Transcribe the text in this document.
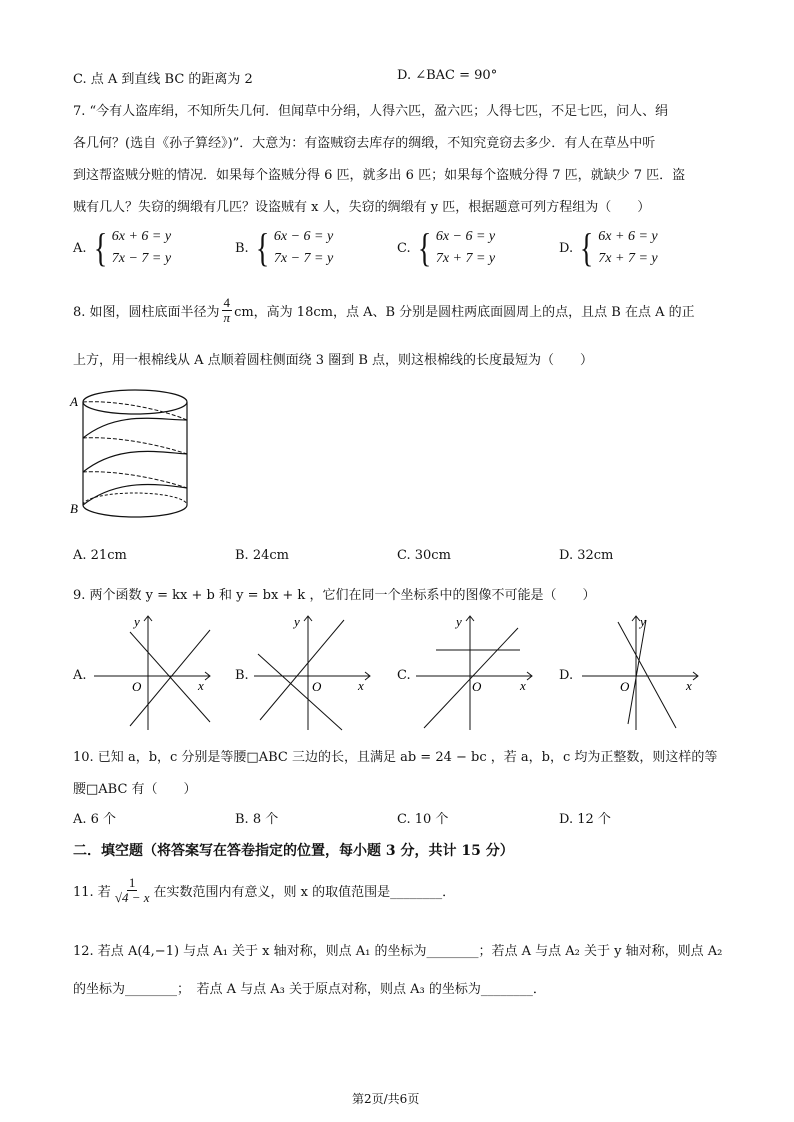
C. 点 A 到直线 BC 的距离为 2	D. ∠BAC = 90°
7. “今有人盗库绢，不知所失几何．但闻草中分绢，人得六匹，盈六匹；人得七匹，不足七匹，问人、绢
各几何？(选自《孙子算经》)”．大意为：有盗贼窃去库存的绸缎，不知究竟窃去多少．有人在草丛中听
到这帮盗贼分赃的情况．如果每个盗贼分得 6 匹，就多出 6 匹；如果每个盗贼分得 7 匹，就缺少 7 匹．盗
贼有几人？失窃的绸缎有几匹？设盗贼有 x 人，失窃的绸缎有 y 匹，根据题意可列方程组为（　　）
A. { 6x + 6 = y
7x − 7 = y
B. { 6x − 6 = y
7x − 7 = y
C. { 6x − 6 = y
7x + 7 = y
D. { 6x + 6 = y
7x + 7 = y
8. 如图，圆柱底面半径为 $\frac{4}{\pi}$ cm，高为 18cm，点 A、B 分别是圆柱两底面圆周上的点，且点 B 在点 A 的正
上方，用一根棉线从 A 点顺着圆柱侧面绕 3 圈到 B 点，则这根棉线的长度最短为（　　）
A
B
A. 21cm	B. 24cm	C. 30cm	D. 32cm
9. 两个函数 y = kx + b 和 y = bx + k ，它们在同一个坐标系中的图像不可能是（　　）
A.
x
y
O
B.
x
y
O
C.
x
y
O
D.
x
y
O
10. 已知 a，b，c 分别是等腰□ABC 三边的长，且满足 ab = 24 − bc ，若 a，b，c 均为正整数，则这样的等
腰□ABC 有（　　）
A. 6 个	B. 8 个	C. 10 个	D. 12 个
二．填空题（将答案写在答卷指定的位置，每小题 3 分，共计 15 分）
11. 若 $\frac{1}{√4 - x}$ 在实数范围内有意义，则 x 的取值范围是________．
12. 若点 A(4,−1) 与点 A₁ 关于 x 轴对称，则点 A₁ 的坐标为________；若点 A 与点 A₂ 关于 y 轴对称，则点 A₂
的坐标为________；　若点 A 与点 A₃ 关于原点对称，则点 A₃ 的坐标为________．
第2页/共6页
